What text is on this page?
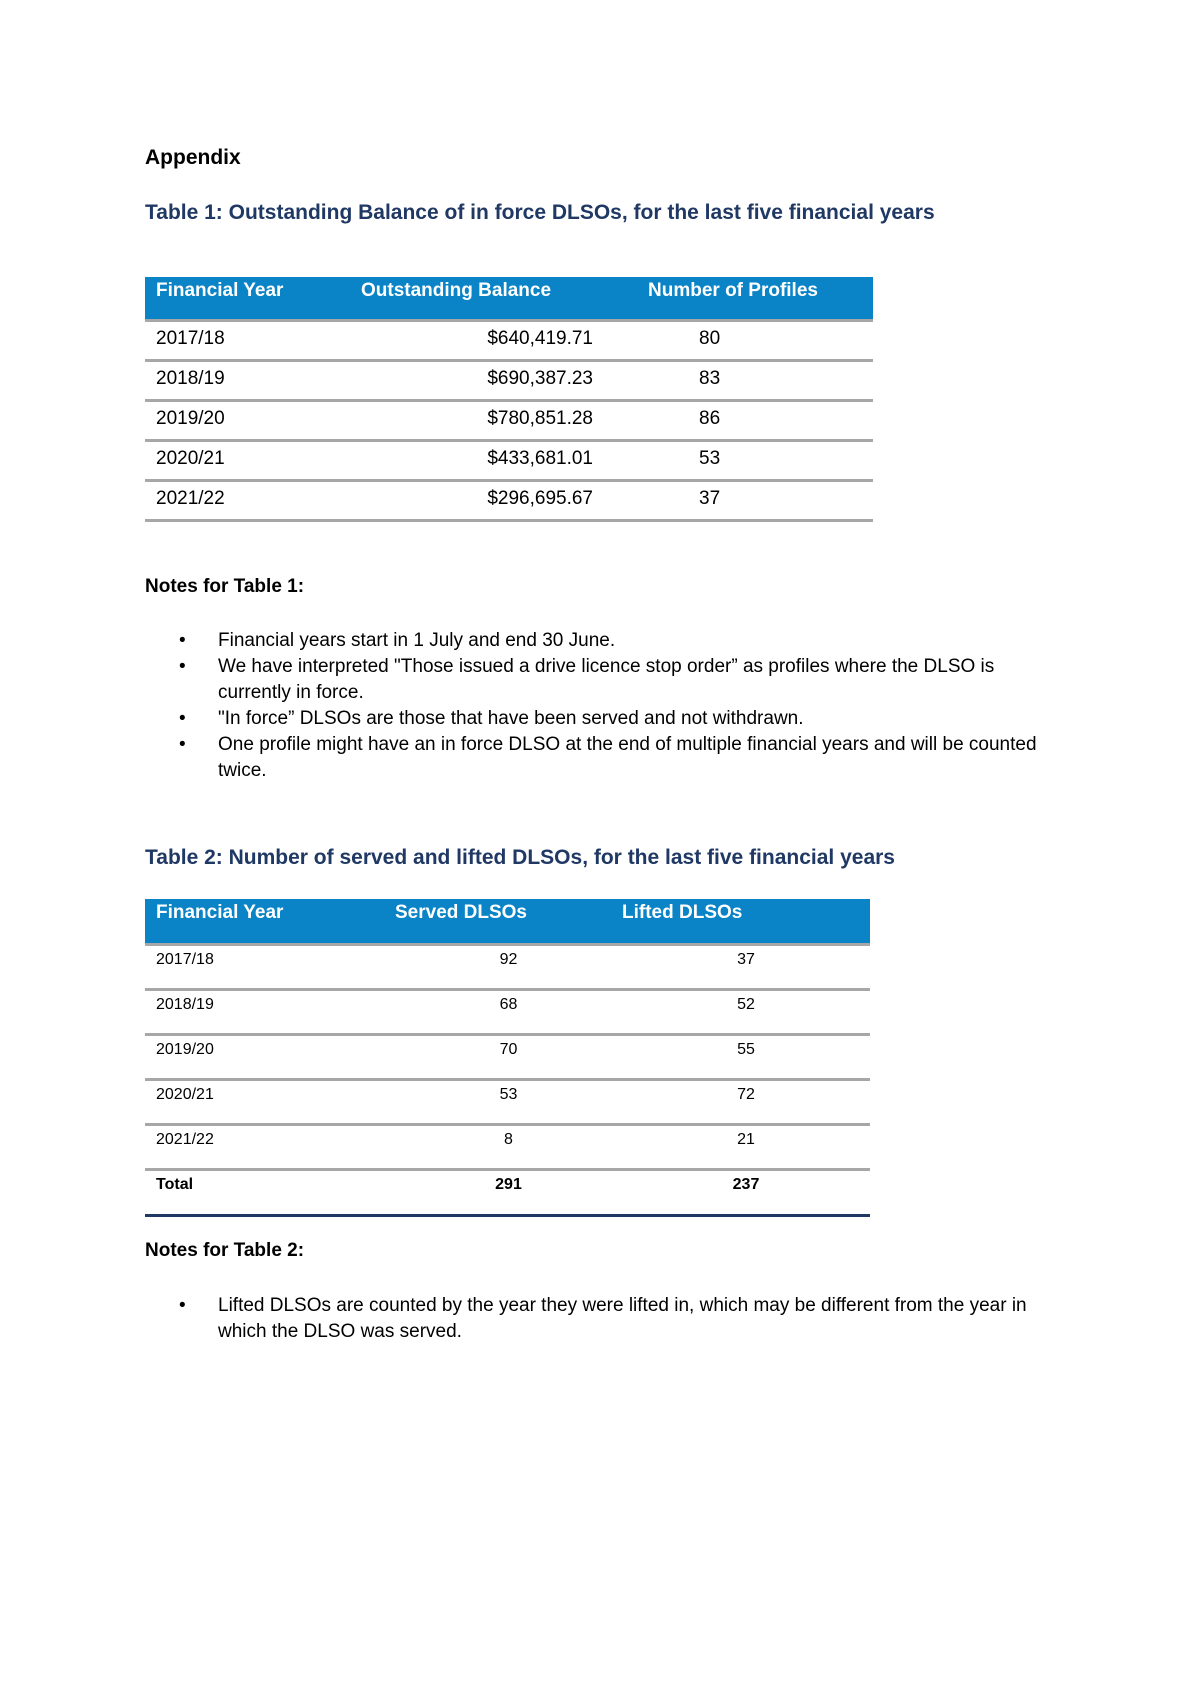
Appendix
Table 1: Outstanding Balance of in force DLSOs, for the last five financial years
Financial Year	Outstanding Balance	Number of Profiles
2017/18	$640,419.71	80
2018/19	$690,387.23	83
2019/20	$780,851.28	86
2020/21	$433,681.01	53
2021/22	$296,695.67	37
Notes for Table 1:
• Financial years start in 1 July and end 30 June.
• We have interpreted "Those issued a drive licence stop order” as profiles where the DLSO is currently in force.
• "In force” DLSOs are those that have been served and not withdrawn.
• One profile might have an in force DLSO at the end of multiple financial years and will be counted twice.
Table 2: Number of served and lifted DLSOs, for the last five financial years
Financial Year	Served DLSOs	Lifted DLSOs
2017/18	92	37
2018/19	68	52
2019/20	70	55
2020/21	53	72
2021/22	8	21
Total	291	237
Notes for Table 2:
• Lifted DLSOs are counted by the year they were lifted in, which may be different from the year in which the DLSO was served.
